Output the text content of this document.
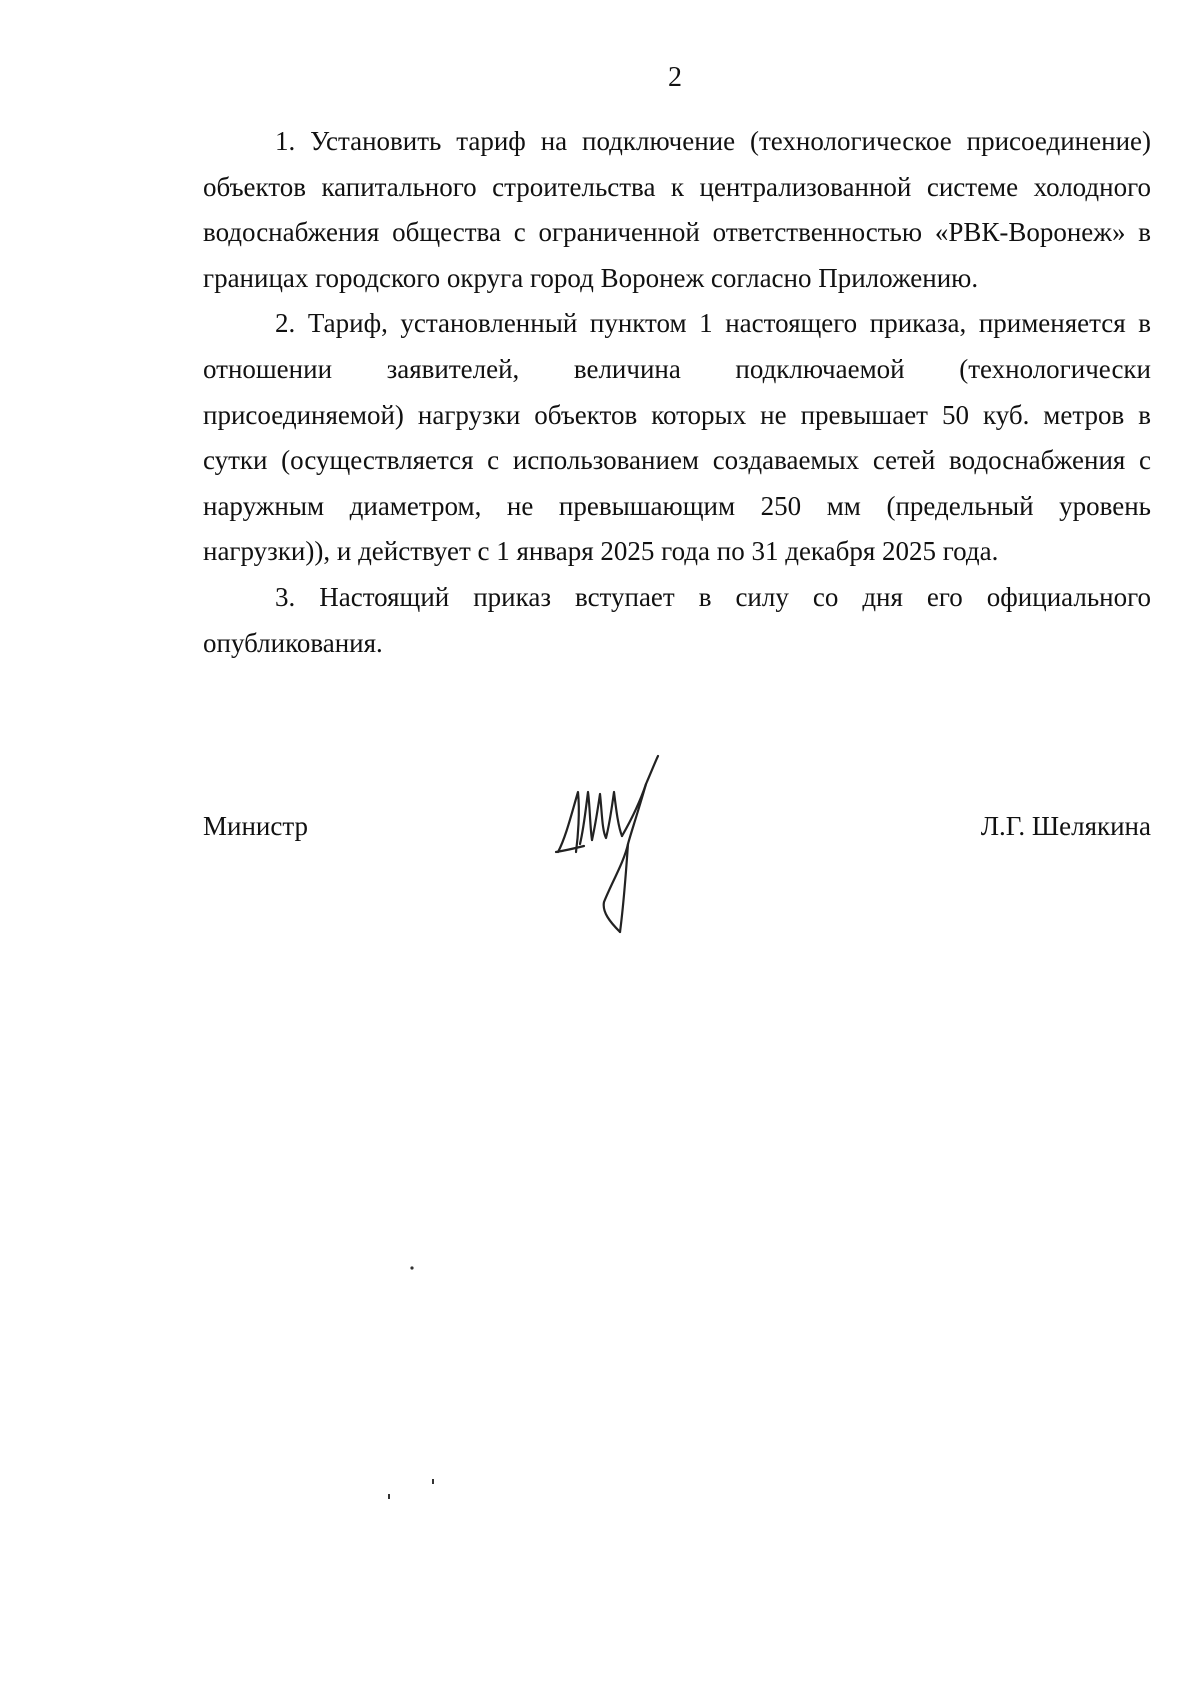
2

1. Установить тариф на подключение (технологическое присоединение) объектов капитального строительства к централизованной системе холодного водоснабжения общества с ограниченной ответственностью «РВК-Воронеж» в границах городского округа город Воронеж согласно Приложению.

2. Тариф, установленный пунктом 1 настоящего приказа, применяется в отношении заявителей, величина подключаемой (технологически присоединяемой) нагрузки объектов которых не превышает 50 куб. метров в сутки (осуществляется с использованием создаваемых сетей водоснабжения с наружным диаметром, не превышающим 250 мм (предельный уровень нагрузки)), и действует с 1 января 2025 года по 31 декабря 2025 года.

3. Настоящий приказ вступает в силу со дня его официального опубликования.

Министр	Л.Г. Шелякина
